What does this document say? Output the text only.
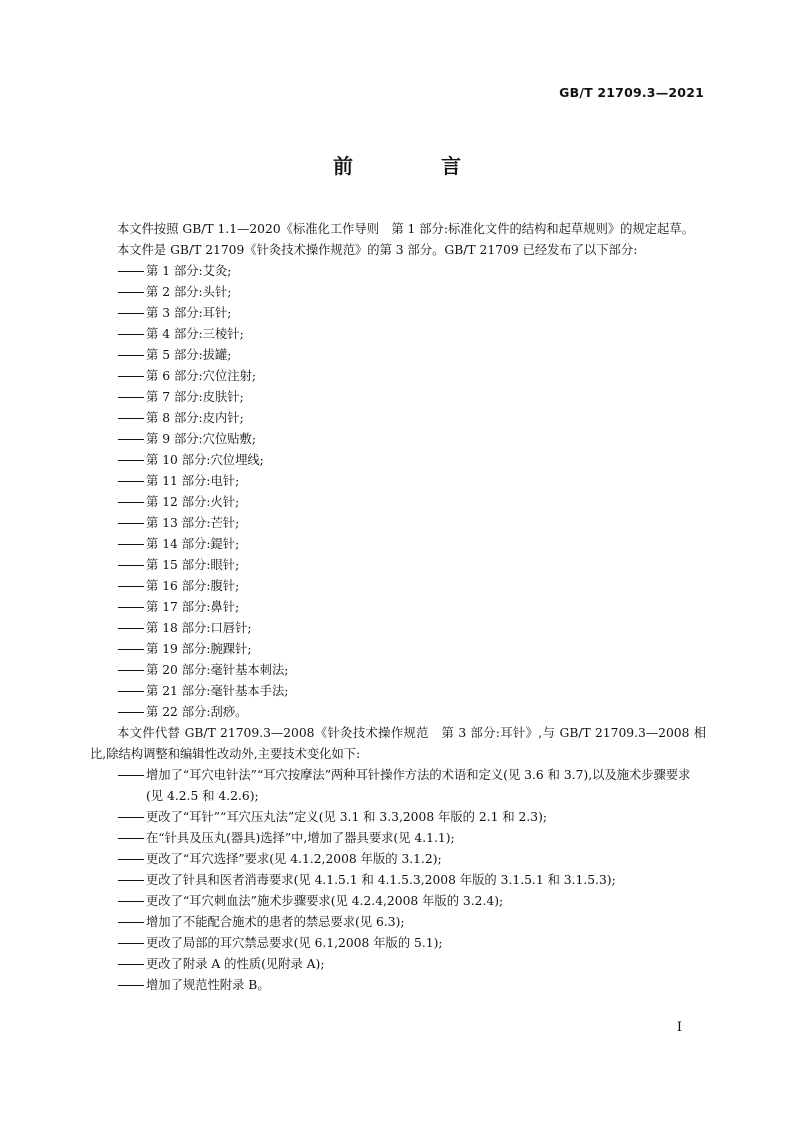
GB/T 21709.3—2021
前　言

本文件按照 GB/T 1.1—2020《标准化工作导则　第 1 部分:标准化文件的结构和起草规则》的规定起草。

本文件是 GB/T 21709《针灸技术操作规范》的第 3 部分。GB/T 21709 已经发布了以下部分:

第 1 部分:艾灸;

第 2 部分:头针;

第 3 部分:耳针;

第 4 部分:三棱针;

第 5 部分:拔罐;

第 6 部分:穴位注射;

第 7 部分:皮肤针;

第 8 部分:皮内针;

第 9 部分:穴位贴敷;

第 10 部分:穴位埋线;

第 11 部分:电针;

第 12 部分:火针;

第 13 部分:芒针;

第 14 部分:鍉针;

第 15 部分:眼针;

第 16 部分:腹针;

第 17 部分:鼻针;

第 18 部分:口唇针;

第 19 部分:腕踝针;

第 20 部分:毫针基本刺法;

第 21 部分:毫针基本手法;

第 22 部分:刮痧。

本文件代替 GB/T 21709.3—2008《针灸技术操作规范　第 3 部分:耳针》,与 GB/T 21709.3—2008 相比,除结构调整和编辑性改动外,主要技术变化如下:

增加了“耳穴电针法”“耳穴按摩法”两种耳针操作方法的术语和定义(见 3.6 和 3.7),以及施术步骤要求(见 4.2.5 和 4.2.6);

更改了“耳针”“耳穴压丸法”定义(见 3.1 和 3.3,2008 年版的 2.1 和 2.3);

在“针具及压丸(器具)选择”中,增加了器具要求(见 4.1.1);

更改了“耳穴选择”要求(见 4.1.2,2008 年版的 3.1.2);

更改了针具和医者消毒要求(见 4.1.5.1 和 4.1.5.3,2008 年版的 3.1.5.1 和 3.1.5.3);

更改了“耳穴刺血法”施术步骤要求(见 4.2.4,2008 年版的 3.2.4);

增加了不能配合施术的患者的禁忌要求(见 6.3);

更改了局部的耳穴禁忌要求(见 6.1,2008 年版的 5.1);

更改了附录 A 的性质(见附录 A);

增加了规范性附录 B。

I
